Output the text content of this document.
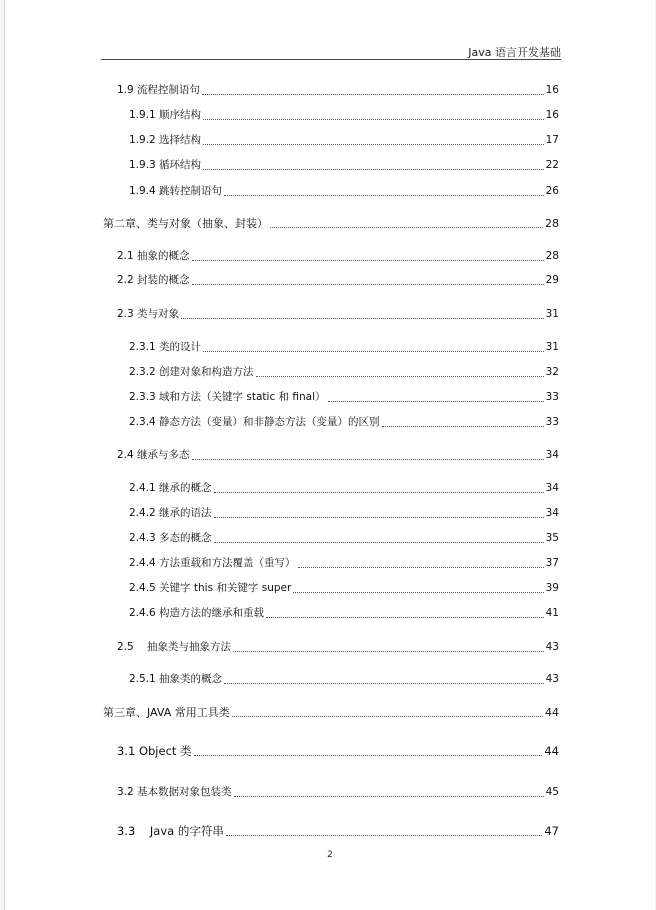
Java 语言开发基础
1.9 流程控制语句	16
1.9.1 顺序结构	16
1.9.2 选择结构	17
1.9.3 循环结构	22
1.9.4 跳转控制语句	26
第二章、类与对象（抽象、封装）	28
2.1 抽象的概念	28
2.2 封装的概念	29
2.3 类与对象	31
2.3.1 类的设计	31
2.3.2 创建对象和构造方法	32
2.3.3 域和方法（关键字 static 和 final）	33
2.3.4 静态方法（变量）和非静态方法（变量）的区别	33
2.4 继承与多态	34
2.4.1 继承的概念	34
2.4.2 继承的语法	34
2.4.3 多态的概念	35
2.4.4 方法重载和方法覆盖（重写）	37
2.4.5 关键字 this 和关键字 super	39
2.4.6 构造方法的继承和重载	41
2.5    抽象类与抽象方法	43
2.5.1 抽象类的概念	43
第三章、JAVA 常用工具类	44
3.1 Object 类	44
3.2 基本数据对象包装类	45
3.3    Java 的字符串	47
2
